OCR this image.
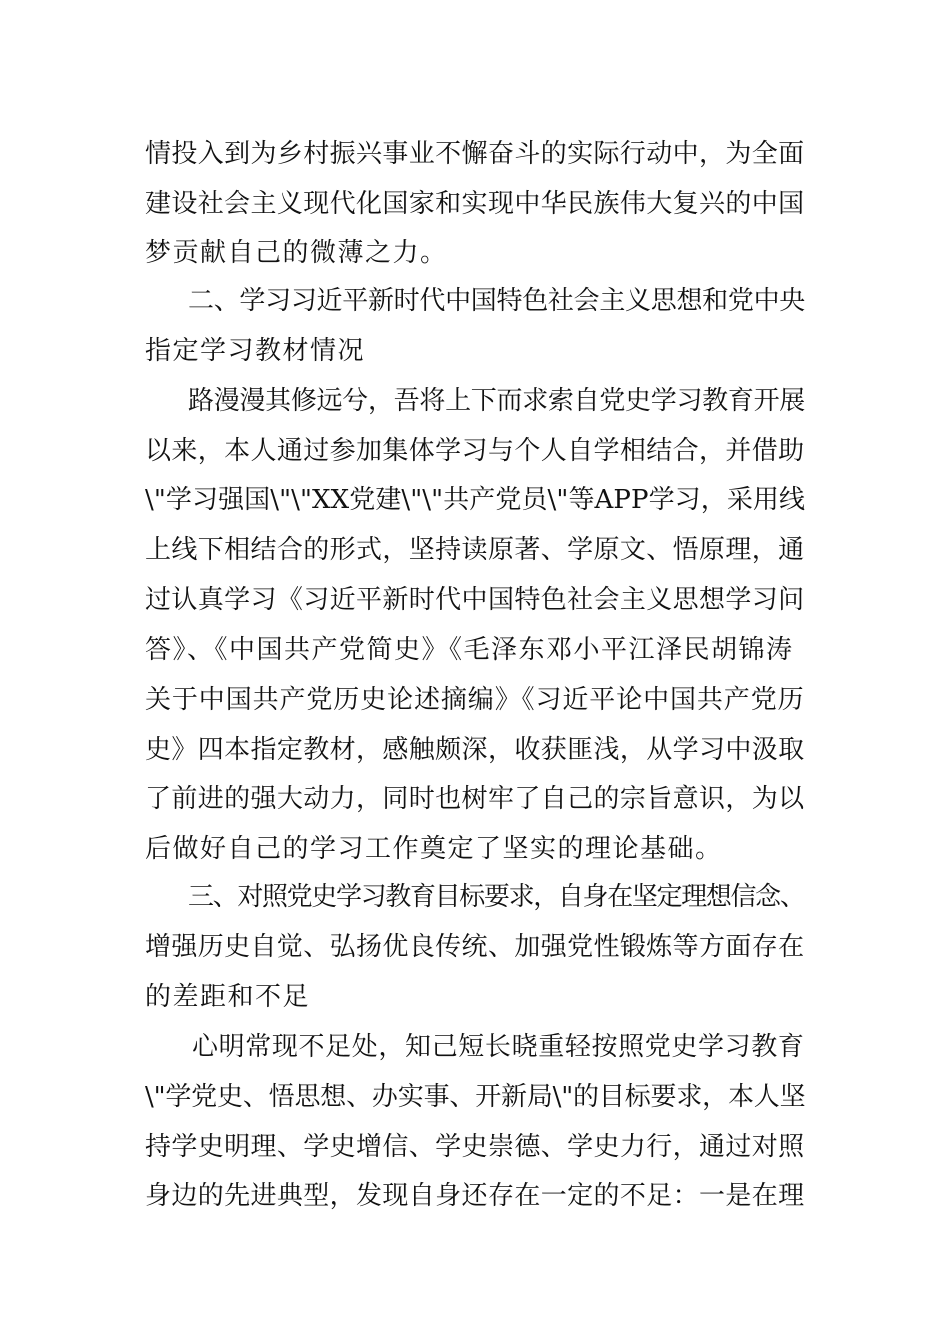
情投入到为乡村振兴事业不懈奋斗的实际行动中，为全面
建设社会主义现代化国家和实现中华民族伟大复兴的中国
梦贡献自己的微薄之力。
二、学习习近平新时代中国特色社会主义思想和党中央
指定学习教材情况
路漫漫其修远兮，吾将上下而求索自党史学习教育开展
以来，本人通过参加集体学习与个人自学相结合，并借助
\"学习强国\"\"XX党建\"\"共产党员\"等APP学习，采用线
上线下相结合的形式，坚持读原著、学原文、悟原理，通
过认真学习《习近平新时代中国特色社会主义思想学习问
答》、《中国共产党简史》《毛泽东邓小平江泽民胡锦涛
关于中国共产党历史论述摘编》《习近平论中国共产党历
史》四本指定教材，感触颇深，收获匪浅，从学习中汲取
了前进的强大动力，同时也树牢了自己的宗旨意识，为以
后做好自己的学习工作奠定了坚实的理论基础。
三、对照党史学习教育目标要求，自身在坚定理想信念、
增强历史自觉、弘扬优良传统、加强党性锻炼等方面存在
的差距和不足
心明常现不足处，知己短长晓重轻按照党史学习教育
\"学党史、悟思想、办实事、开新局\"的目标要求，本人坚
持学史明理、学史增信、学史崇德、学史力行，通过对照
身边的先进典型，发现自身还存在一定的不足：一是在理
